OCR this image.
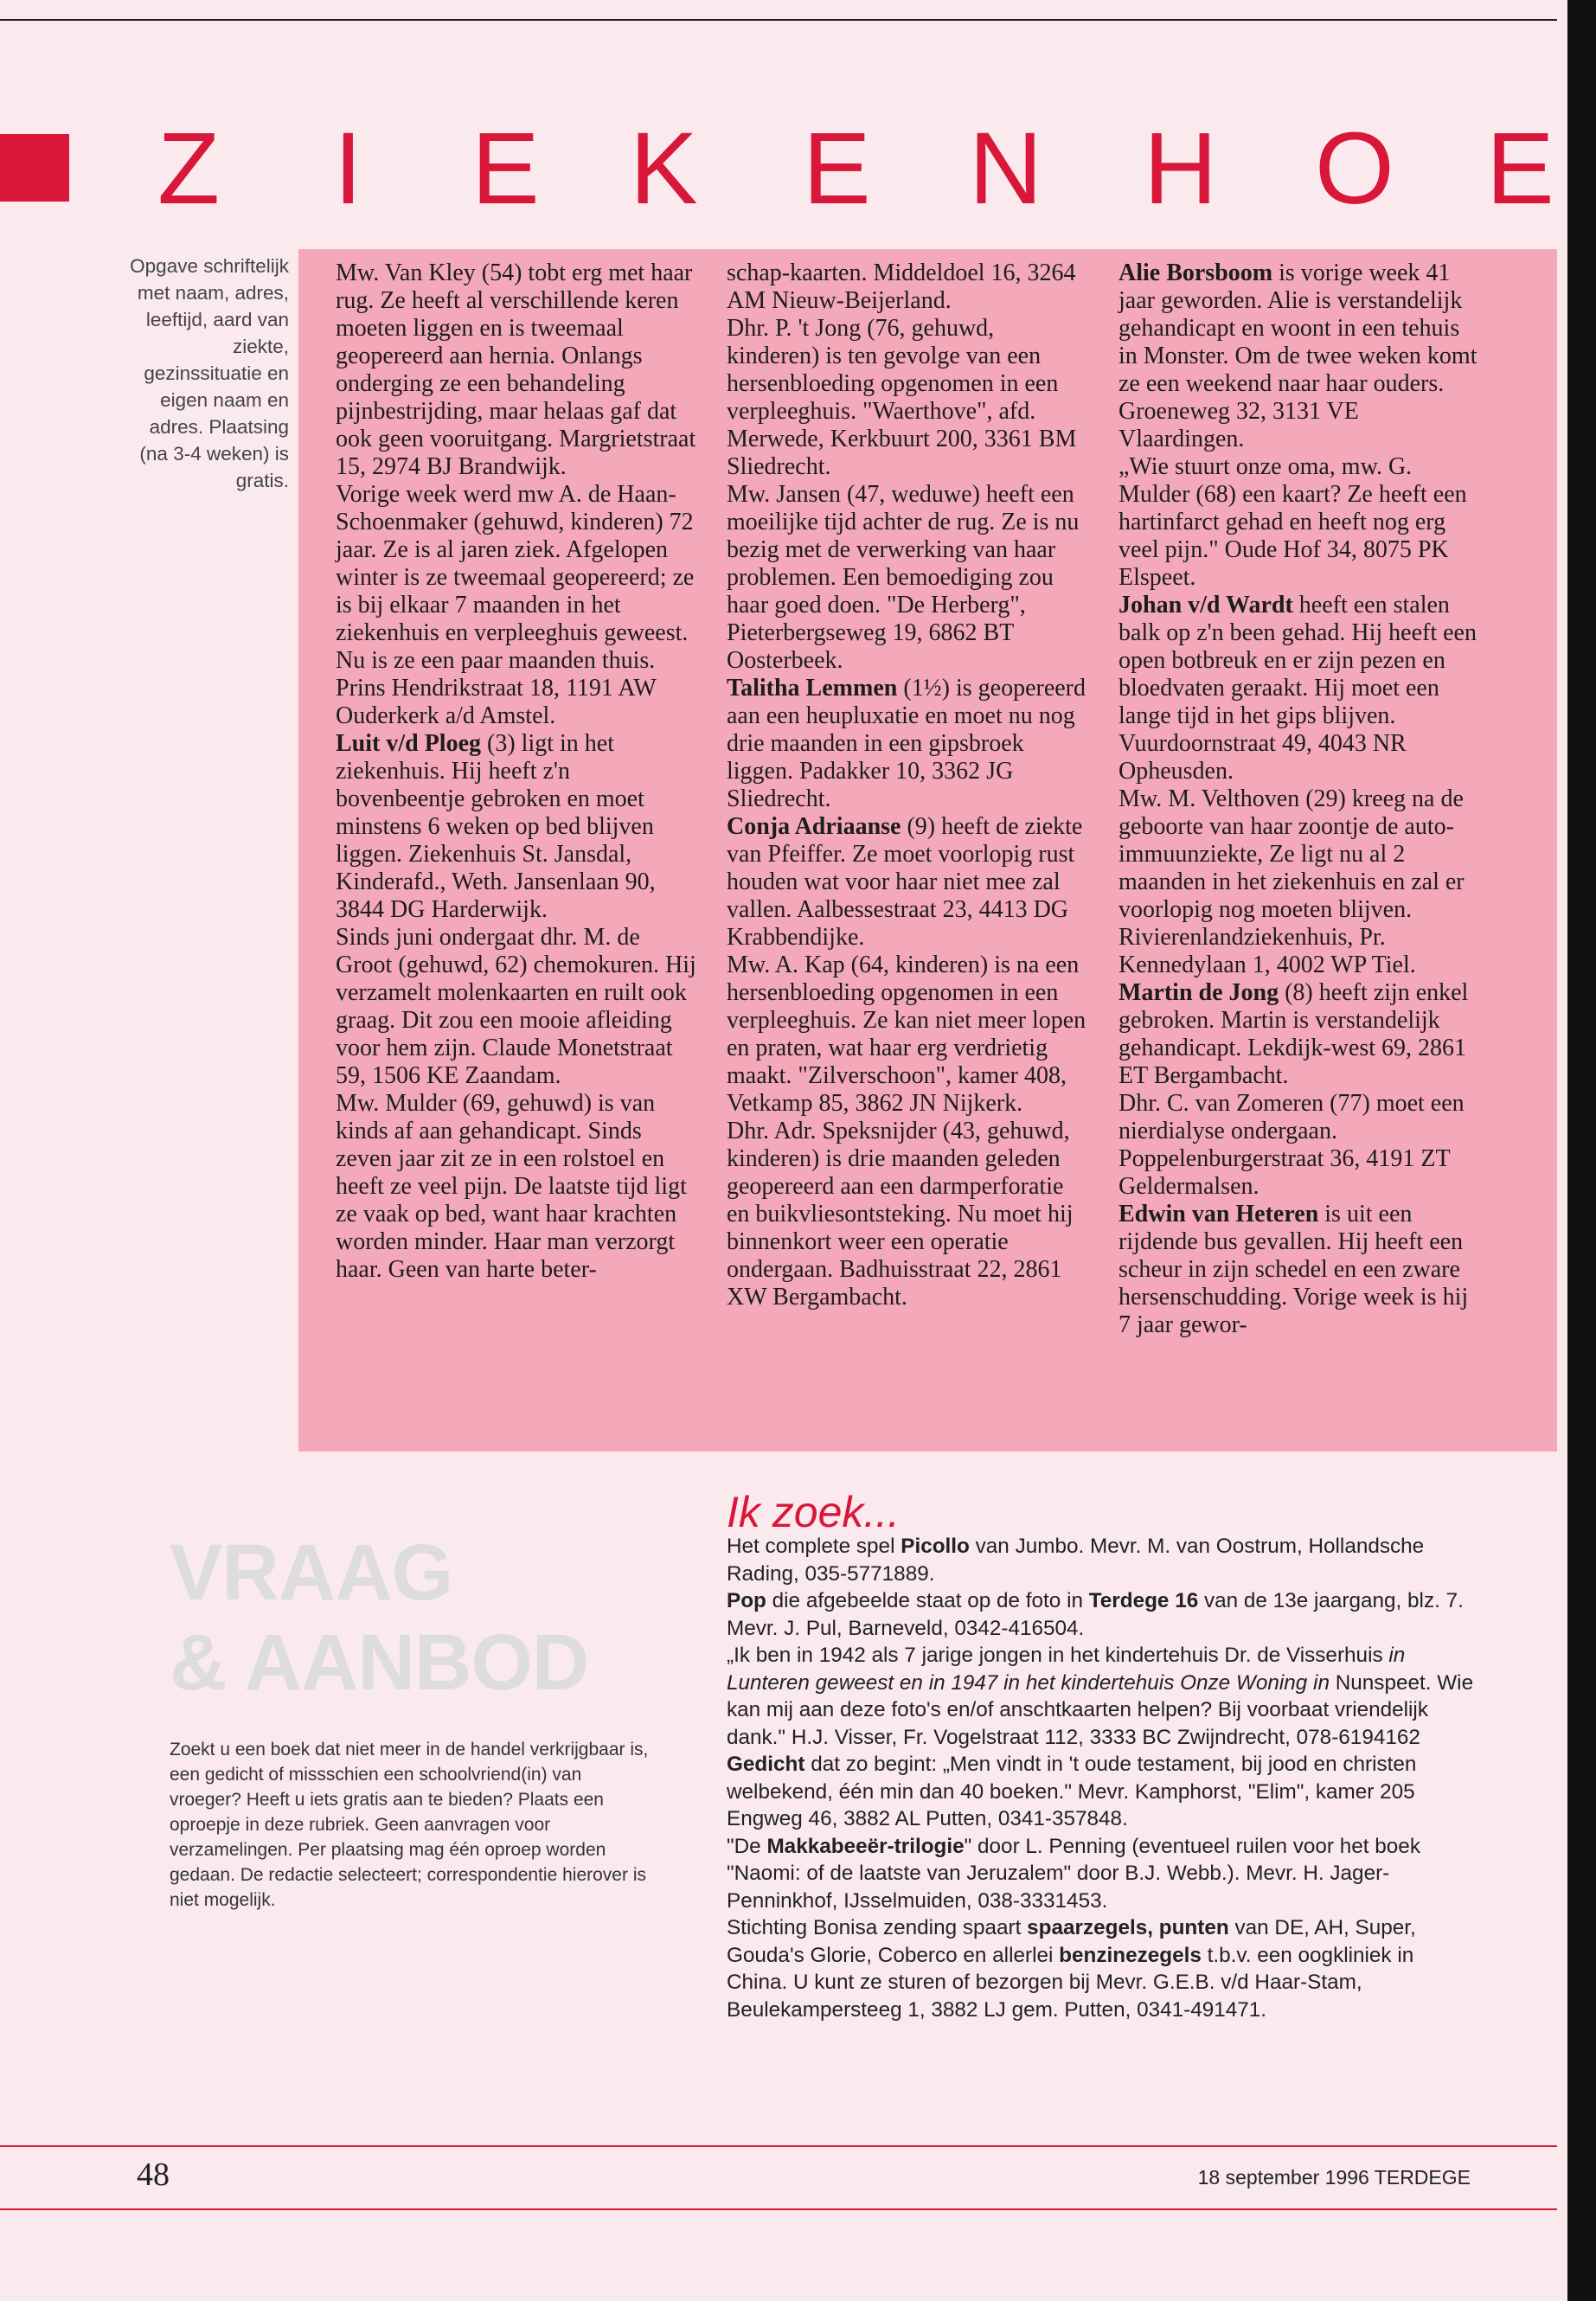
Z I E K E N H O E
Opgave schriftelijk met naam, adres, leeftijd, aard van ziekte, gezinssituatie en eigen naam en adres. Plaatsing (na 3-4 weken) is gratis.

Mw. Van Kley (54) tobt erg met haar rug. Ze heeft al verschillende keren moeten liggen en is tweemaal geopereerd aan hernia. Onlangs onderging ze een behandeling pijnbestrijding, maar helaas gaf dat ook geen vooruitgang. Margrietstraat 15, 2974 BJ Brandwijk.

Vorige week werd mw A. de Haan-Schoenmaker (gehuwd, kinderen) 72 jaar. Ze is al jaren ziek. Afgelopen winter is ze tweemaal geopereerd; ze is bij elkaar 7 maanden in het ziekenhuis en verpleeghuis geweest. Nu is ze een paar maanden thuis. Prins Hendrikstraat 18, 1191 AW Ouderkerk a/d Amstel.

Luit v/d Ploeg (3) ligt in het ziekenhuis. Hij heeft z'n bovenbeentje gebroken en moet minstens 6 weken op bed blijven liggen. Ziekenhuis St. Jansdal, Kinderafd., Weth. Jansenlaan 90, 3844 DG Harderwijk.

Sinds juni ondergaat dhr. M. de Groot (gehuwd, 62) chemokuren. Hij verzamelt molenkaarten en ruilt ook graag. Dit zou een mooie afleiding voor hem zijn. Claude Monetstraat 59, 1506 KE Zaandam.

Mw. Mulder (69, gehuwd) is van kinds af aan gehandicapt. Sinds zeven jaar zit ze in een rolstoel en heeft ze veel pijn. De laatste tijd ligt ze vaak op bed, want haar krachten worden minder. Haar man verzorgt haar. Geen van harte beter-

schap-kaarten. Middeldoel 16, 3264 AM Nieuw-Beijerland.

Dhr. P. 't Jong (76, gehuwd, kinderen) is ten gevolge van een hersenbloeding opgenomen in een verpleeghuis. "Waerthove", afd. Merwede, Kerkbuurt 200, 3361 BM Sliedrecht.

Mw. Jansen (47, weduwe) heeft een moeilijke tijd achter de rug. Ze is nu bezig met de verwerking van haar problemen. Een bemoediging zou haar goed doen. "De Herberg", Pieterbergseweg 19, 6862 BT Oosterbeek.

Talitha Lemmen (1½) is geopereerd aan een heupluxatie en moet nu nog drie maanden in een gipsbroek liggen. Padakker 10, 3362 JG Sliedrecht.

Conja Adriaanse (9) heeft de ziekte van Pfeiffer. Ze moet voorlopig rust houden wat voor haar niet mee zal vallen. Aalbessestraat 23, 4413 DG Krabbendijke.

Mw. A. Kap (64, kinderen) is na een hersenbloeding opgenomen in een verpleeghuis. Ze kan niet meer lopen en praten, wat haar erg verdrietig maakt. "Zilverschoon", kamer 408, Vetkamp 85, 3862 JN Nijkerk.

Dhr. Adr. Speksnijder (43, gehuwd, kinderen) is drie maanden geleden geopereerd aan een darmperforatie en buikvliesontsteking. Nu moet hij binnenkort weer een operatie ondergaan. Badhuisstraat 22, 2861 XW Bergambacht.

Alie Borsboom is vorige week 41 jaar geworden. Alie is verstandelijk gehandicapt en woont in een tehuis in Monster. Om de twee weken komt ze een weekend naar haar ouders. Groeneweg 32, 3131 VE Vlaardingen.

„Wie stuurt onze oma, mw. G. Mulder (68) een kaart? Ze heeft een hartinfarct gehad en heeft nog erg veel pijn." Oude Hof 34, 8075 PK Elspeet.

Johan v/d Wardt heeft een stalen balk op z'n been gehad. Hij heeft een open botbreuk en er zijn pezen en bloedvaten geraakt. Hij moet een lange tijd in het gips blijven. Vuurdoornstraat 49, 4043 NR Opheusden.

Mw. M. Velthoven (29) kreeg na de geboorte van haar zoontje de auto-immuunziekte, Ze ligt nu al 2 maanden in het ziekenhuis en zal er voorlopig nog moeten blijven. Rivierenlandziekenhuis, Pr. Kennedylaan 1, 4002 WP Tiel.

Martin de Jong (8) heeft zijn enkel gebroken. Martin is verstandelijk gehandicapt. Lekdijk-west 69, 2861 ET Bergambacht.

Dhr. C. van Zomeren (77) moet een nierdialyse ondergaan. Poppelenburgerstraat 36, 4191 ZT Geldermalsen.

Edwin van Heteren is uit een rijdende bus gevallen. Hij heeft een scheur in zijn schedel en een zware hersenschudding. Vorige week is hij 7 jaar gewor-

VRAAG
& AANBOD
Zoekt u een boek dat niet meer in de handel verkrijgbaar is, een gedicht of missschien een schoolvriend(in) van vroeger? Heeft u iets gratis aan te bieden? Plaats een oproepje in deze rubriek. Geen aanvragen voor verzamelingen. Per plaatsing mag één oproep worden gedaan. De redactie selecteert; correspondentie hierover is niet mogelijk.
Ik zoek...

Het complete spel Picollo van Jumbo. Mevr. M. van Oostrum, Hollandsche Rading, 035-5771889.

Pop die afgebeelde staat op de foto in Terdege 16 van de 13e jaargang, blz. 7. Mevr. J. Pul, Barneveld, 0342-416504.

„Ik ben in 1942 als 7 jarige jongen in het kindertehuis Dr. de Visserhuis in Lunteren geweest en in 1947 in het kindertehuis Onze Woning in Nunspeet. Wie kan mij aan deze foto's en/of anschtkaarten helpen? Bij voorbaat vriendelijk dank." H.J. Visser, Fr. Vogelstraat 112, 3333 BC Zwijndrecht, 078-6194162

Gedicht dat zo begint: „Men vindt in 't oude testament, bij jood en christen welbekend, één min dan 40 boeken." Mevr. Kamphorst, "Elim", kamer 205 Engweg 46, 3882 AL Putten, 0341-357848.

"De Makkabeeër-trilogie" door L. Penning (eventueel ruilen voor het boek "Naomi: of de laatste van Jeruzalem" door B.J. Webb.). Mevr. H. Jager-Penninkhof, IJsselmuiden, 038-3331453.

Stichting Bonisa zending spaart spaarzegels, punten van DE, AH, Super, Gouda's Glorie, Coberco en allerlei benzinezegels t.b.v. een oogkliniek in China. U kunt ze sturen of bezorgen bij Mevr. G.E.B. v/d Haar-Stam, Beulekampersteeg 1, 3882 LJ gem. Putten, 0341-491471.

48	18 september 1996 TERDEGE
